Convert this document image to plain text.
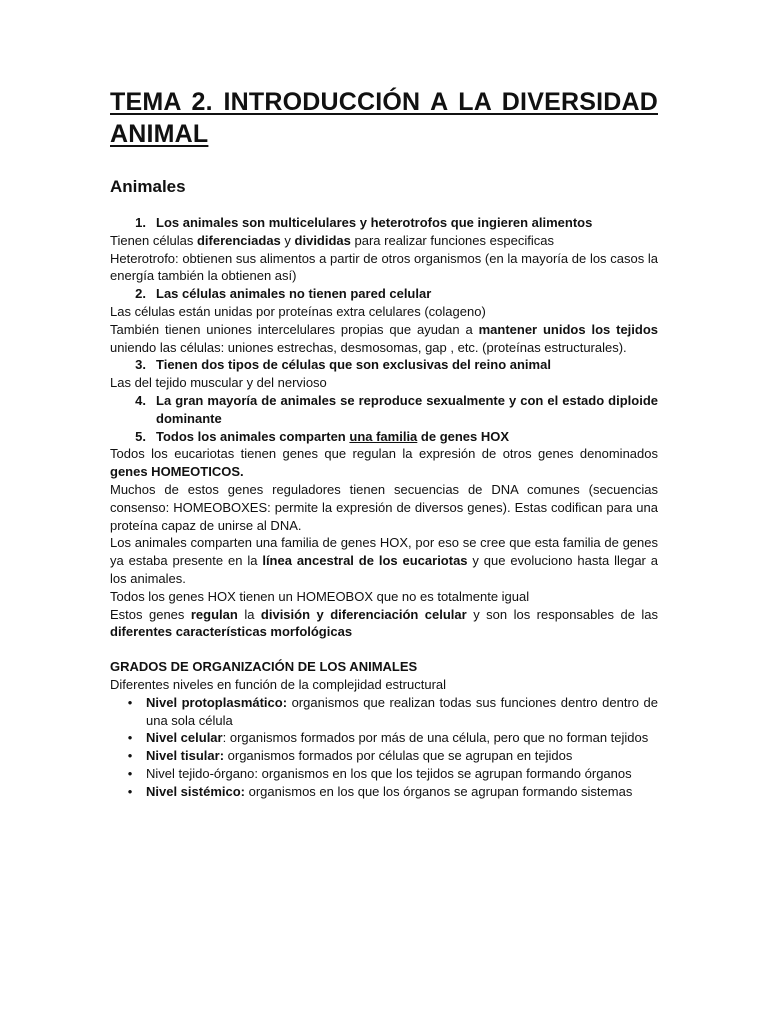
TEMA 2. INTRODUCCIÓN A LA DIVERSIDAD
ANIMAL
Animales
1. Los animales son multicelulares y heterotrofos que ingieren alimentos

Tienen células diferenciadas y divididas para realizar funciones especificas

Heterotrofo: obtienen sus alimentos a partir de otros organismos (en la mayoría de los casos la energía también la obtienen así)

2. Las células animales no tienen pared celular

Las células están unidas por proteínas extra celulares (colageno)

También tienen uniones intercelulares propias que ayudan a mantener unidos los tejidos uniendo las células: uniones estrechas, desmosomas, gap , etc. (proteínas estructurales).

3. Tienen dos tipos de células que son exclusivas del reino animal

Las del tejido muscular y del nervioso

4. La gran mayoría de animales se reproduce sexualmente y con el estado diploide dominante
5. Todos los animales comparten una familia de genes HOX

Todos los eucariotas tienen genes que regulan la expresión de otros genes denominados genes HOMEOTICOS.

Muchos de estos genes reguladores tienen secuencias de DNA comunes (secuencias consenso: HOMEOBOXES: permite la expresión de diversos genes). Estas codifican para una proteína capaz de unirse al DNA.

Los animales comparten una familia de genes HOX, por eso se cree que esta familia de genes ya estaba presente en la línea ancestral de los eucariotas y que evoluciono hasta llegar a los animales.

Todos los genes HOX tienen un HOMEOBOX que no es totalmente igual

Estos genes regulan la división y diferenciación celular y son los responsables de las diferentes características morfológicas

GRADOS DE ORGANIZACIÓN DE LOS ANIMALES

Diferentes niveles en función de la complejidad estructural

•	Nivel protoplasmático: organismos que realizan todas sus funciones dentro dentro de una sola célula
•	Nivel celular: organismos formados por más de una célula, pero que no forman tejidos
•	Nivel tisular: organismos formados por células que se agrupan en tejidos
•	Nivel tejido-órgano: organismos en los que los tejidos se agrupan formando órganos
•	Nivel sistémico: organismos en los que los órganos se agrupan formando sistemas
